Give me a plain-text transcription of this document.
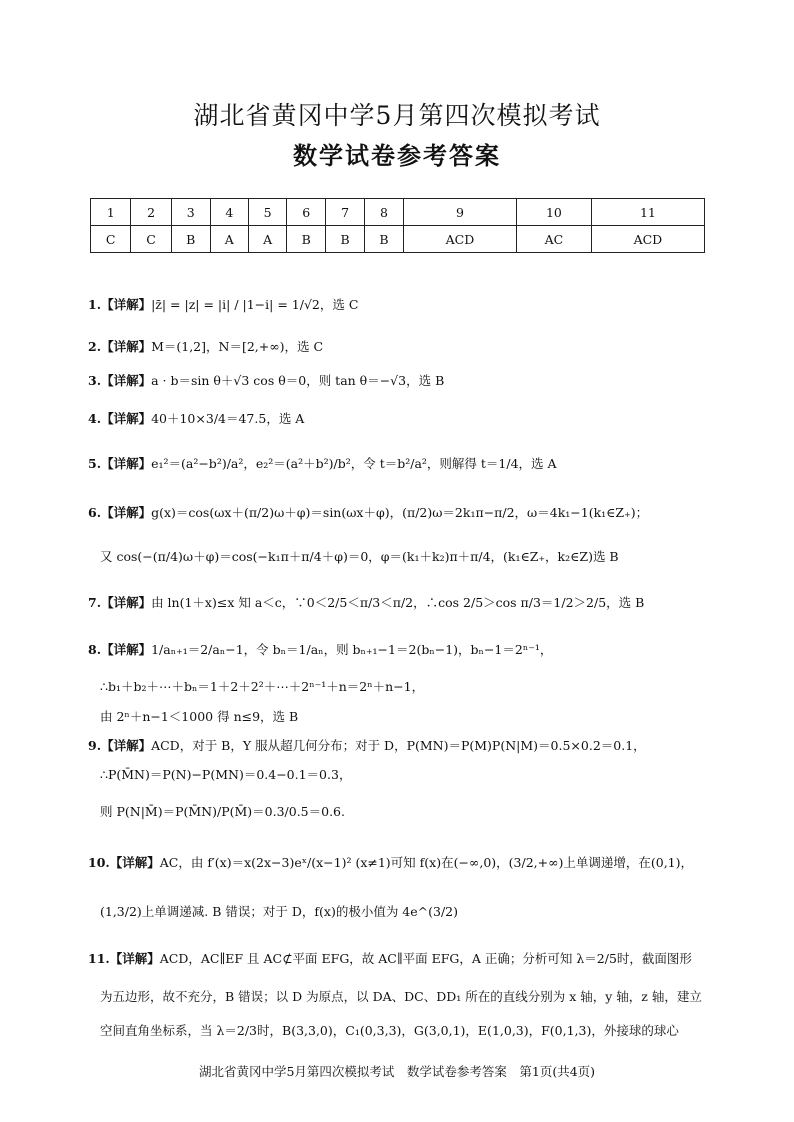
湖北省黄冈中学5月第四次模拟考试
数学试卷参考答案
1	2	3	4	5	6	7	8	9	10	11
C	C	B	A	A	B	B	B	ACD	AC	ACD
1.【详解】|z̄| = |z| = |i| / |1−i| = 1/√2，选 C
2.【详解】M＝(1,2]，N＝[2,+∞)，选 C
3.【详解】a · b＝sin θ＋√3 cos θ＝0，则 tan θ＝−√3，选 B
4.【详解】40＋10×3/4＝47.5，选 A
5.【详解】e₁²＝(a²−b²)/a²，e₂²＝(a²＋b²)/b²，令 t＝b²/a²，则解得 t＝1/4，选 A
6.【详解】g(x)＝cos(ωx＋(π/2)ω＋φ)＝sin(ωx＋φ)，(π/2)ω＝2k₁π−π/2，ω＝4k₁−1(k₁∈Z₊)；
又 cos(−(π/4)ω＋φ)＝cos(−k₁π＋π/4＋φ)＝0，φ＝(k₁＋k₂)π＋π/4，(k₁∈Z₊，k₂∈Z)选 B
7.【详解】由 ln(1＋x)≤x 知 a＜c，∵0＜2/5＜π/3＜π/2，∴cos 2/5＞cos π/3＝1/2＞2/5，选 B
8.【详解】1/aₙ₊₁＝2/aₙ−1，令 bₙ＝1/aₙ，则 bₙ₊₁−1＝2(bₙ−1)，bₙ−1＝2ⁿ⁻¹，
∴b₁＋b₂＋⋯＋bₙ＝1＋2＋2²＋⋯＋2ⁿ⁻¹＋n＝2ⁿ＋n−1，
由 2ⁿ＋n−1＜1000 得 n≤9，选 B
9.【详解】ACD，对于 B，Y 服从超几何分布；对于 D，P(MN)＝P(M)P(N|M)＝0.5×0.2＝0.1，
∴P(M̄N)＝P(N)−P(MN)＝0.4−0.1＝0.3，
则 P(N|M̄)＝P(M̄N)/P(M̄)＝0.3/0.5＝0.6.
10.【详解】AC，由 f′(x)＝x(2x−3)eˣ/(x−1)² (x≠1)可知 f(x)在(−∞,0)，(3/2,+∞)上单调递增，在(0,1)，
(1,3/2)上单调递减. B 错误；对于 D，f(x)的极小值为 4e^(3/2)
11.【详解】ACD，AC∥EF 且 AC⊄平面 EFG，故 AC∥平面 EFG，A 正确；分析可知 λ＝2/5时，截面图形
为五边形，故不充分，B 错误；以 D 为原点，以 DA、DC、DD₁ 所在的直线分别为 x 轴，y 轴，z 轴，建立
空间直角坐标系，当 λ＝2/3时，B(3,3,0)，C₁(0,3,3)，G(3,0,1)，E(1,0,3)，F(0,1,3)，外接球的球心
湖北省黄冈中学5月第四次模拟考试　数学试卷参考答案　第1页(共4页)
